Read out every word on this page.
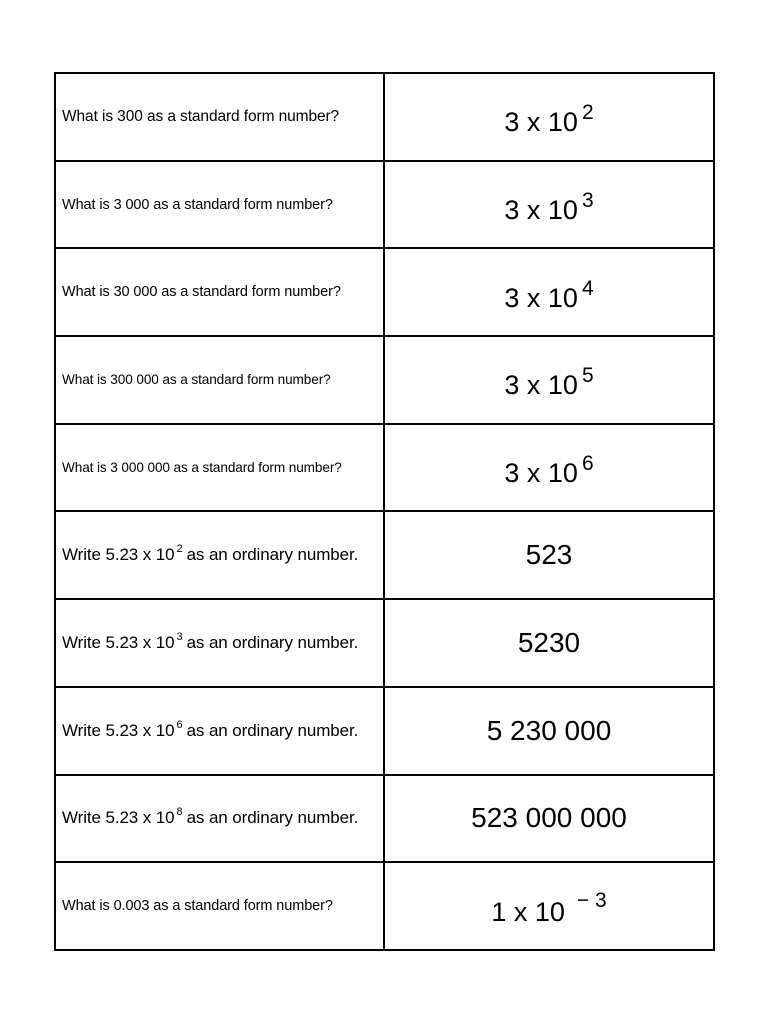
What is 300 as a standard form number?	3 x 10 $^2$
What is 3 000 as a standard form number?	3 x 10 $^3$
What is 30 000 as a standard form number?	3 x 10 $^4$
What is 300 000 as a standard form number?	3 x 10 $^5$
What is 3 000 000 as a standard form number?	3 x 10 $^6$
Write 5.23 x 10 $^2$ as an ordinary number.	523
Write 5.23 x 10 $^3$ as an ordinary number.	5230
Write 5.23 x 10 $^6$ as an ordinary number.	5 230 000
Write 5.23 x 10 $^8$ as an ordinary number.	523 000 000
What is 0.003 as a standard form number?	1 x 10 $^{- 3}$
